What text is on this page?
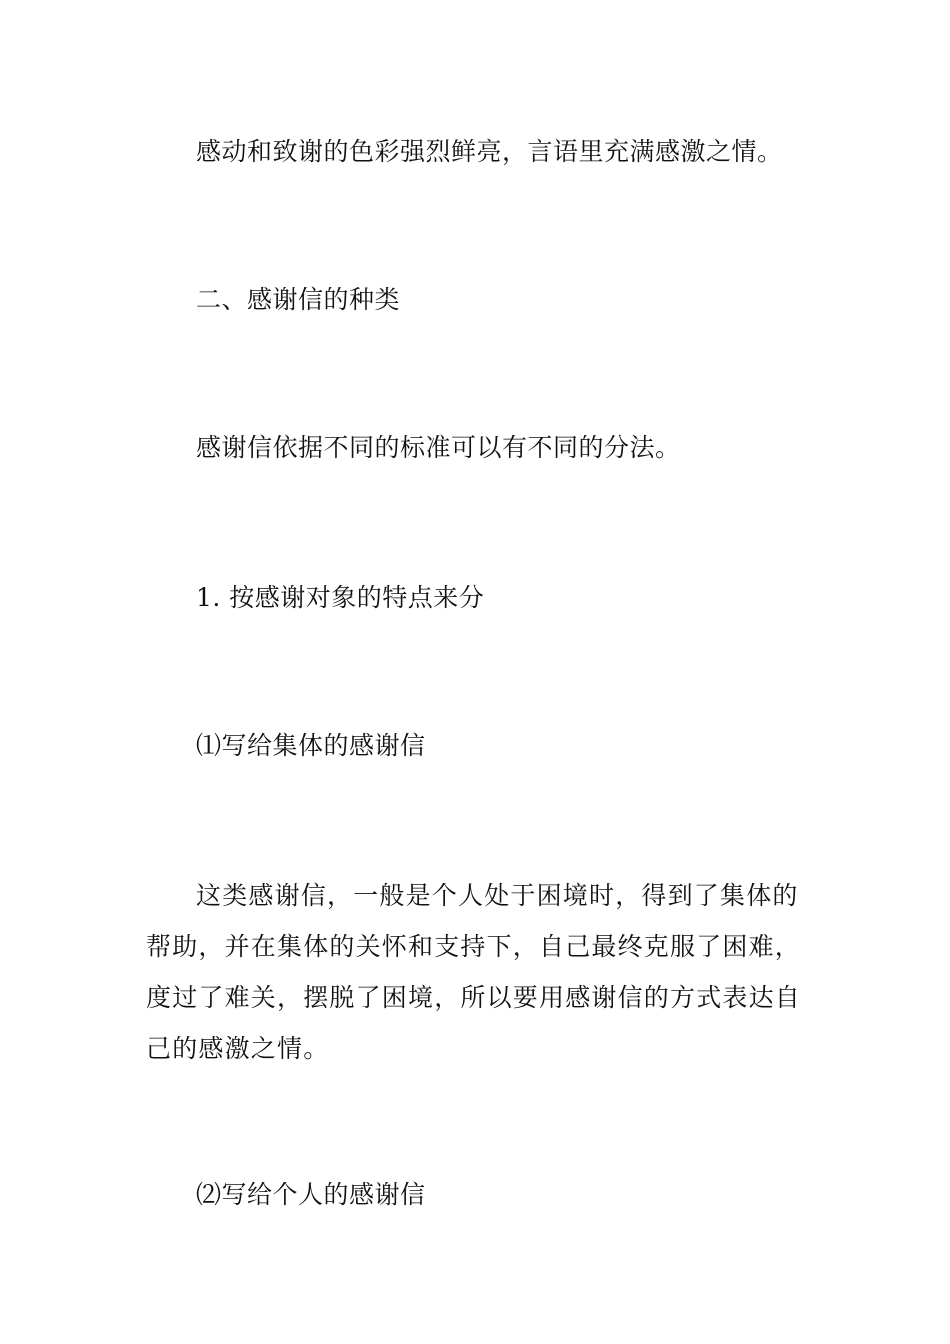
感动和致谢的色彩强烈鲜亮，言语里充满感激之情。
二、感谢信的种类
感谢信依据不同的标准可以有不同的分法。
1. 按感谢对象的特点来分
⑴写给集体的感谢信
这类感谢信，一般是个人处于困境时，得到了集体的
帮助，并在集体的关怀和支持下，自己最终克服了困难，
度过了难关，摆脱了困境，所以要用感谢信的方式表达自
己的感激之情。
⑵写给个人的感谢信
